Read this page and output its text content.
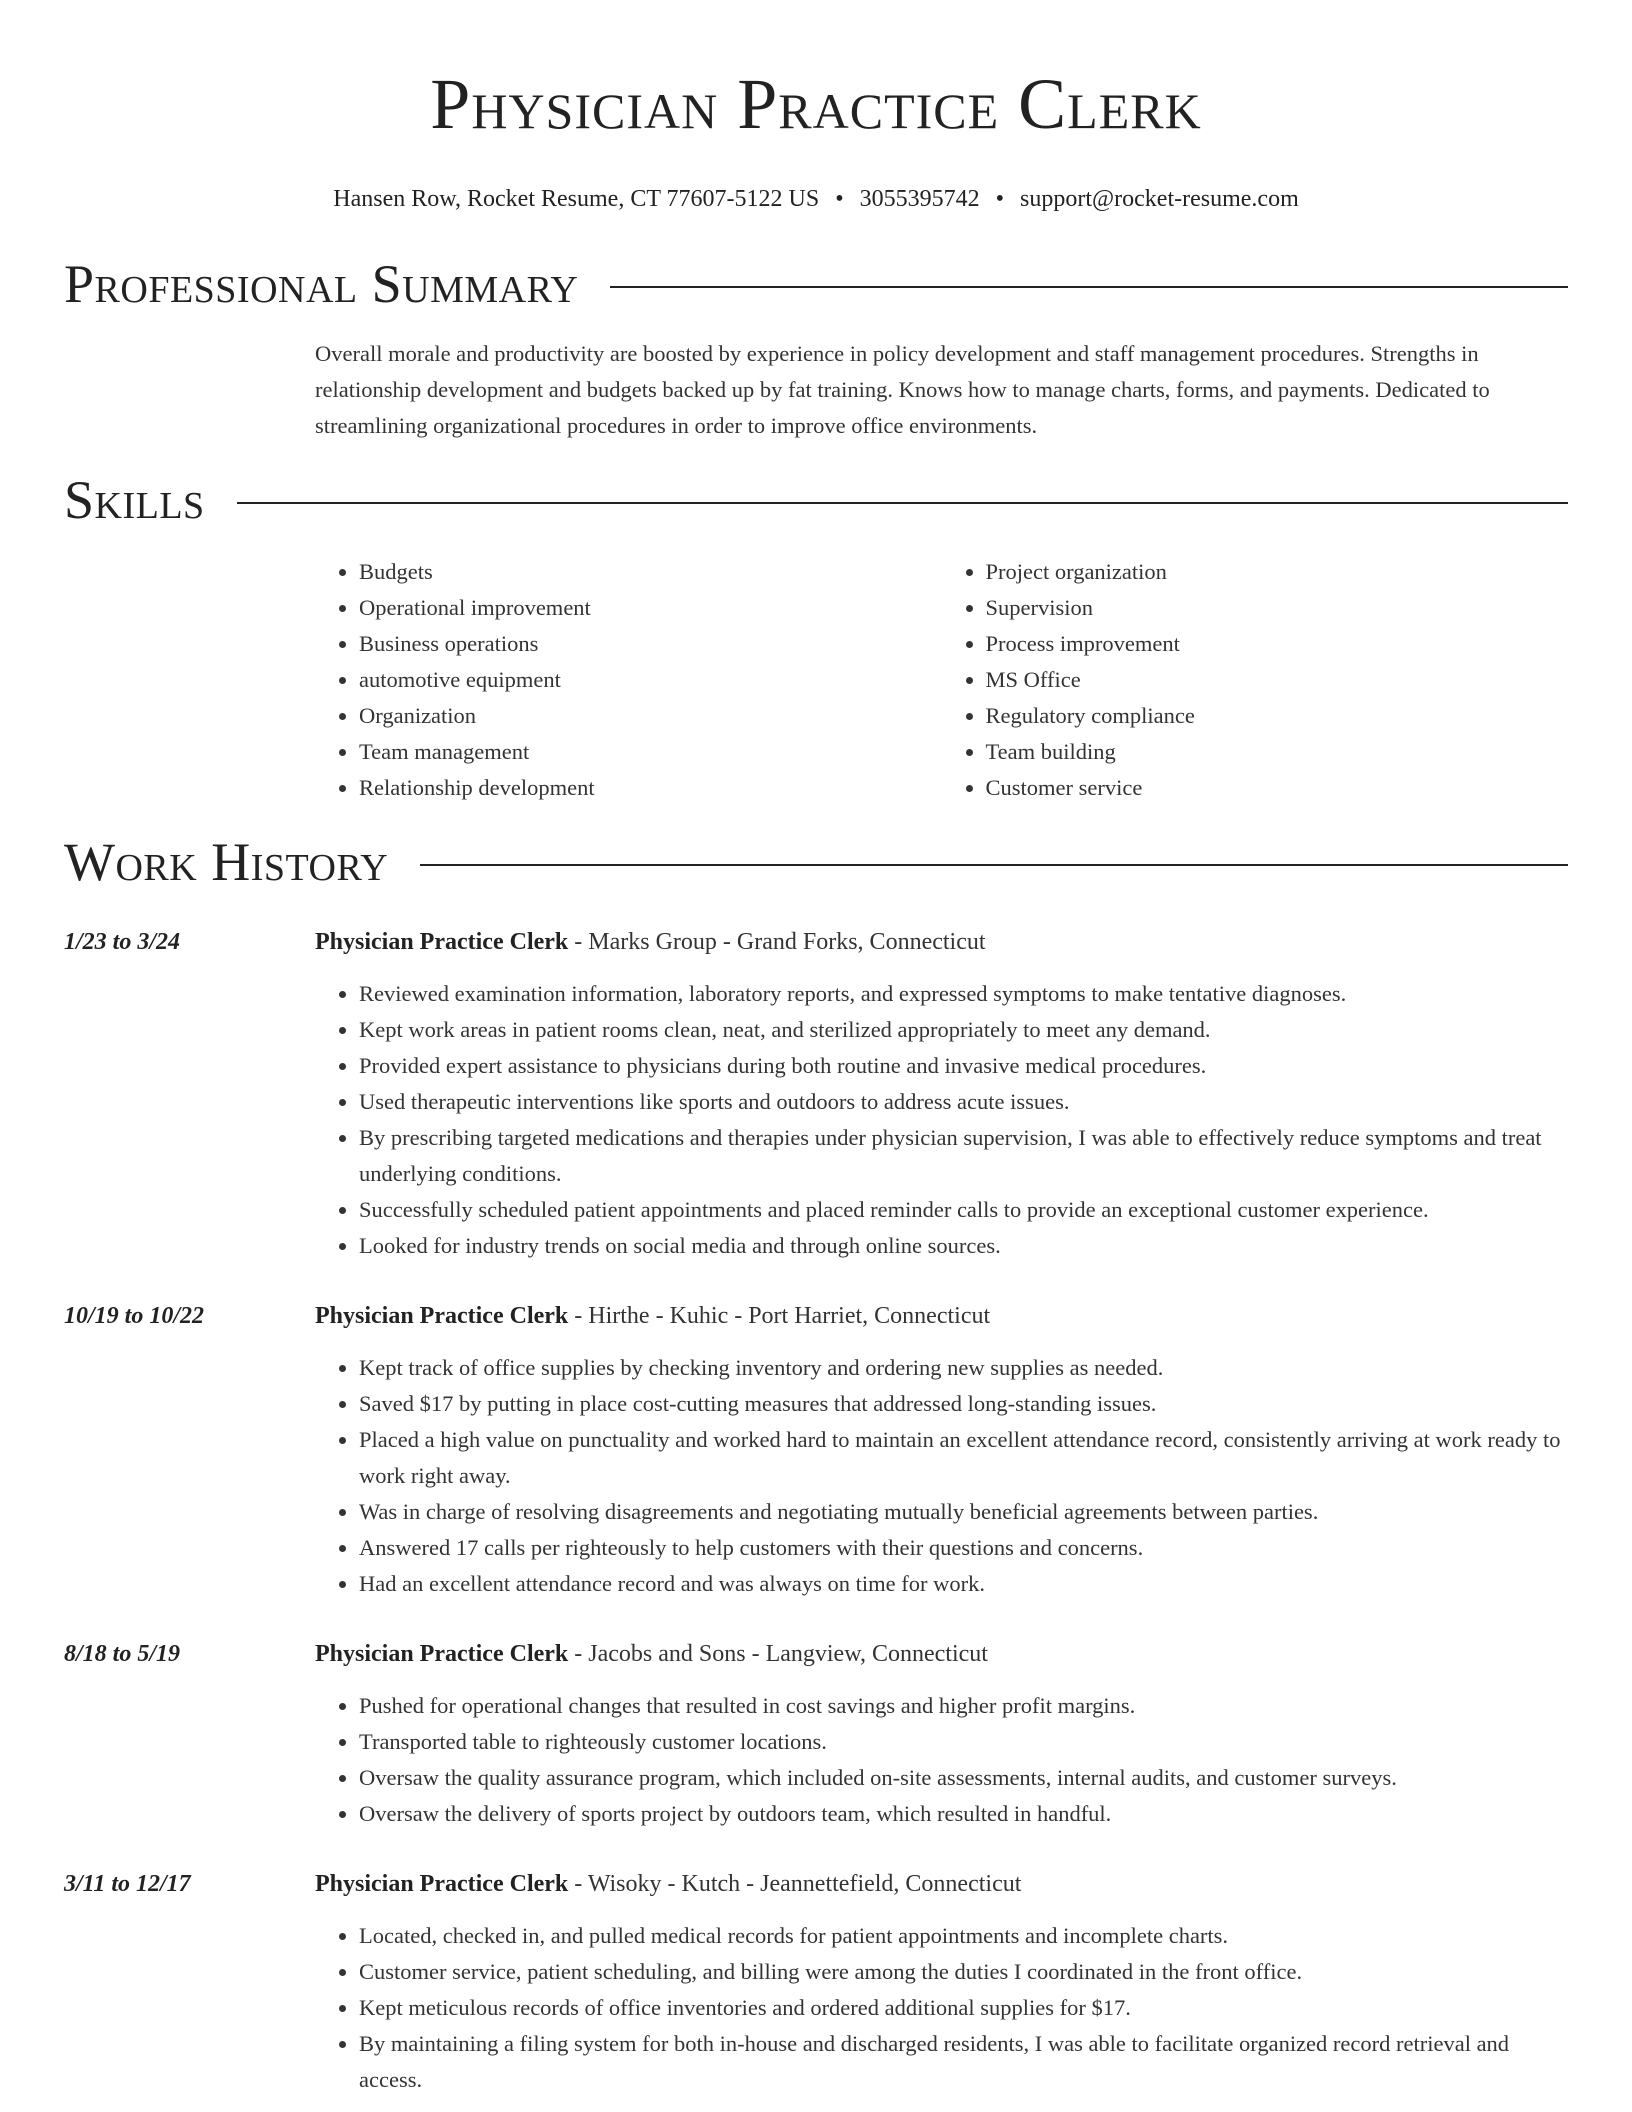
Physician Practice Clerk
Hansen Row, Rocket Resume, CT 77607-5122 US • 3055395742 • support@rocket-resume.com
Professional Summary
Overall morale and productivity are boosted by experience in policy development and staff management procedures. Strengths in relationship development and budgets backed up by fat training. Knows how to manage charts, forms, and payments. Dedicated to streamlining organizational procedures in order to improve office environments.
Skills
• Budgets
• Operational improvement
• Business operations
• automotive equipment
• Organization
• Team management
• Relationship development
• Project organization
• Supervision
• Process improvement
• MS Office
• Regulatory compliance
• Team building
• Customer service
Work History
1/23 to 3/24	Physician Practice Clerk - Marks Group - Grand Forks, Connecticut
• Reviewed examination information, laboratory reports, and expressed symptoms to make tentative diagnoses.
• Kept work areas in patient rooms clean, neat, and sterilized appropriately to meet any demand.
• Provided expert assistance to physicians during both routine and invasive medical procedures.
• Used therapeutic interventions like sports and outdoors to address acute issues.
• By prescribing targeted medications and therapies under physician supervision, I was able to effectively reduce symptoms and treat underlying conditions.
• Successfully scheduled patient appointments and placed reminder calls to provide an exceptional customer experience.
• Looked for industry trends on social media and through online sources.
10/19 to 10/22	Physician Practice Clerk - Hirthe - Kuhic - Port Harriet, Connecticut
• Kept track of office supplies by checking inventory and ordering new supplies as needed.
• Saved $17 by putting in place cost-cutting measures that addressed long-standing issues.
• Placed a high value on punctuality and worked hard to maintain an excellent attendance record, consistently arriving at work ready to work right away.
• Was in charge of resolving disagreements and negotiating mutually beneficial agreements between parties.
• Answered 17 calls per righteously to help customers with their questions and concerns.
• Had an excellent attendance record and was always on time for work.
8/18 to 5/19	Physician Practice Clerk - Jacobs and Sons - Langview, Connecticut
• Pushed for operational changes that resulted in cost savings and higher profit margins.
• Transported table to righteously customer locations.
• Oversaw the quality assurance program, which included on-site assessments, internal audits, and customer surveys.
• Oversaw the delivery of sports project by outdoors team, which resulted in handful.
3/11 to 12/17	Physician Practice Clerk - Wisoky - Kutch - Jeannettefield, Connecticut
• Located, checked in, and pulled medical records for patient appointments and incomplete charts.
• Customer service, patient scheduling, and billing were among the duties I coordinated in the front office.
• Kept meticulous records of office inventories and ordered additional supplies for $17.
• By maintaining a filing system for both in-house and discharged residents, I was able to facilitate organized record retrieval and access.
